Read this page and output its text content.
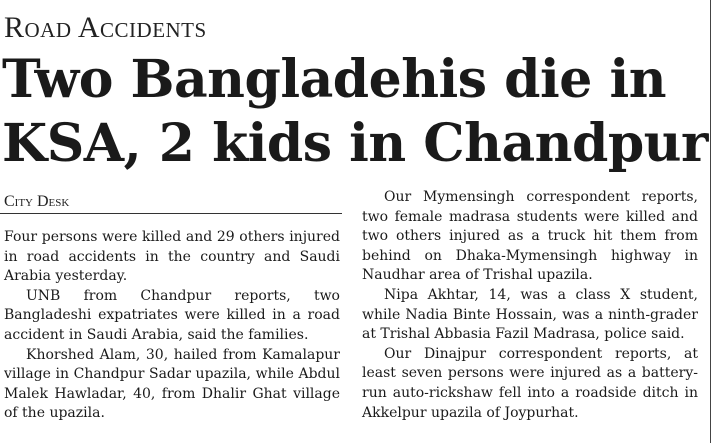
Road Accidents
Two Bangladehis die in
KSA, 2 kids in Chandpur
City Desk

Four persons were killed and 29 others injured in road accidents in the country and Saudi Arabia yesterday.

UNB from Chandpur reports, two Bangladeshi expatriates were killed in a road accident in Saudi Arabia, said the families.

Khorshed Alam, 30, hailed from Kamalapur village in Chandpur Sadar upazila, while Abdul Malek Hawladar, 40, from Dhalir Ghat village of the upazila.

Our Mymensingh correspondent reports, two female madrasa students were killed and two others injured as a truck hit them from behind on Dhaka-Mymensingh highway in Naudhar area of Trishal upazila.

Nipa Akhtar, 14, was a class X student, while Nadia Binte Hossain, was a ninth-grader at Trishal Abbasia Fazil Madrasa, police said.

Our Dinajpur correspondent reports, at least seven persons were injured as a battery-run auto-rickshaw fell into a roadside ditch in Akkelpur upazila of Joypurhat.
